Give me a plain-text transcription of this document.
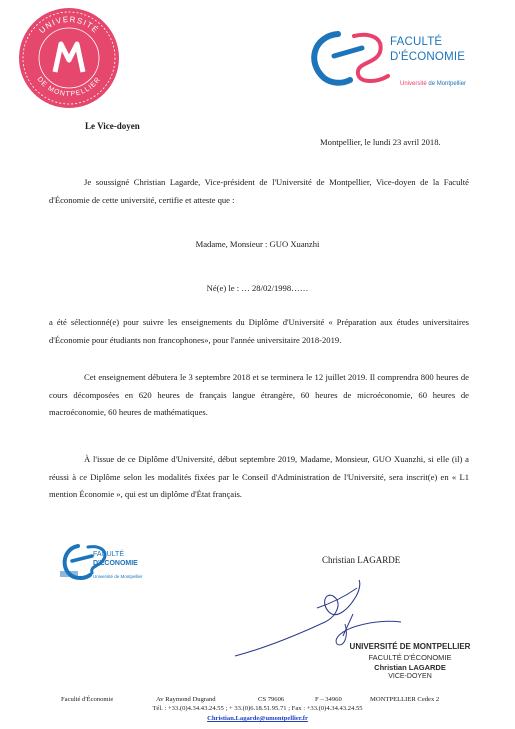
UNIVERSITÉ
DE MONTPELLIER
FACULTÉ
D'ÉCONOMIE
Université de Montpellier
Le Vice-doyen
Montpellier, le lundi 23 avril 2018.
Je soussigné Christian Lagarde, Vice-président de l'Université de Montpellier, Vice-doyen de la Faculté d'Économie de cette université, certifie et atteste que :
Madame, Monsieur : GUO Xuanzhi
Né(e) le : … 28/02/1998……
a été sélectionné(e) pour suivre les enseignements du Diplôme d'Université « Préparation aux études universitaires d'Économie pour étudiants non francophones», pour l'année universitaire 2018-2019.
Cet enseignement débutera le 3 septembre 2018 et se terminera le 12 juillet 2019. Il comprendra 800 heures de cours décomposées en 620 heures de français langue étrangère, 60 heures de microéconomie, 60 heures de macroéconomie, 60 heures de mathématiques.
À l'issue de ce Diplôme d'Université, début septembre 2019, Madame, Monsieur, GUO Xuanzhi, si elle (il) a réussi à ce Diplôme selon les modalités fixées par le Conseil d'Administration de l'Université, sera inscrit(e) en « L1 mention Économie », qui est un diplôme d'État français.
FACULTÉ
D'ÉCONOMIE
Université de Montpellier
Christian LAGARDE
UNIVERSITÉ DE MONTPELLIER
FACULTÉ D'ÉCONOMIE
Christian LAGARDE
VICE-DOYEN
Faculté d'Économie	Av Raymond Dugrand	CS 79606	F – 34960	MONTPELLIER Cedex 2
Tél. : +33.(0)4.34.43.24.55 ; + 33.(0)6.18.51.95.71 ; Fax : +33.(0)4.34.43.24.55
Christian.Lagarde@umontpellier.fr
